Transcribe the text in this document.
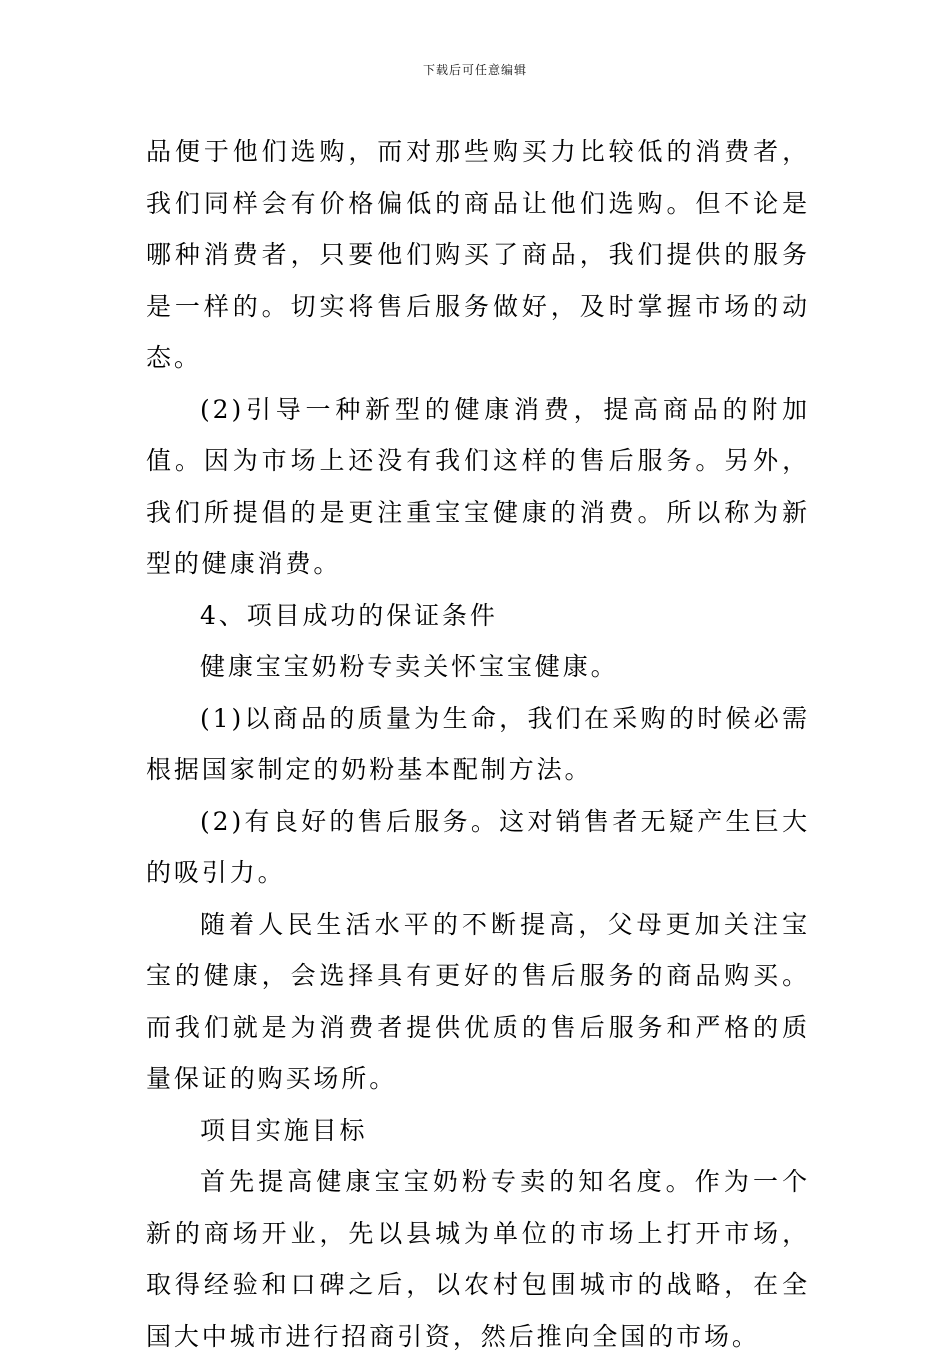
下载后可任意编辑

品便于他们选购，而对那些购买力比较低的消费者，我们同样会有价格偏低的商品让他们选购。但不论是哪种消费者，只要他们购买了商品，我们提供的服务是一样的。切实将售后服务做好，及时掌握市场的动态。

(2)引导一种新型的健康消费，提高商品的附加值。因为市场上还没有我们这样的售后服务。另外，我们所提倡的是更注重宝宝健康的消费。所以称为新型的健康消费。

4、项目成功的保证条件

健康宝宝奶粉专卖关怀宝宝健康。

(1)以商品的质量为生命，我们在采购的时候必需根据国家制定的奶粉基本配制方法。

(2)有良好的售后服务。这对销售者无疑产生巨大的吸引力。

随着人民生活水平的不断提高，父母更加关注宝宝的健康，会选择具有更好的售后服务的商品购买。而我们就是为消费者提供优质的售后服务和严格的质量保证的购买场所。

项目实施目标

首先提高健康宝宝奶粉专卖的知名度。作为一个新的商场开业，先以县城为单位的市场上打开市场，取得经验和口碑之后，以农村包围城市的战略，在全国大中城市进行招商引资，然后推向全国的市场。
